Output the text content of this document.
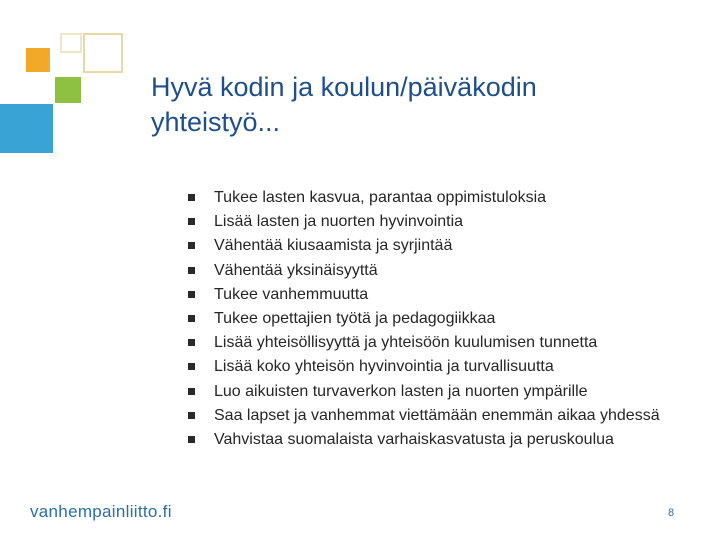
Hyvä kodin ja koulun/päiväkodin
yhteistyö...
Tukee lasten kasvua, parantaa oppimistuloksia
Lisää lasten ja nuorten hyvinvointia
Vähentää kiusaamista ja syrjintää
Vähentää yksinäisyyttä
Tukee vanhemmuutta
Tukee opettajien työtä ja pedagogiikkaa
Lisää yhteisöllisyyttä ja yhteisöön kuulumisen tunnetta
Lisää koko yhteisön hyvinvointia ja turvallisuutta
Luo aikuisten turvaverkon lasten ja nuorten ympärille
Saa lapset ja vanhemmat viettämään enemmän aikaa yhdessä
Vahvistaa suomalaista varhaiskasvatusta ja peruskoulua
vanhempainliitto.fi	8
